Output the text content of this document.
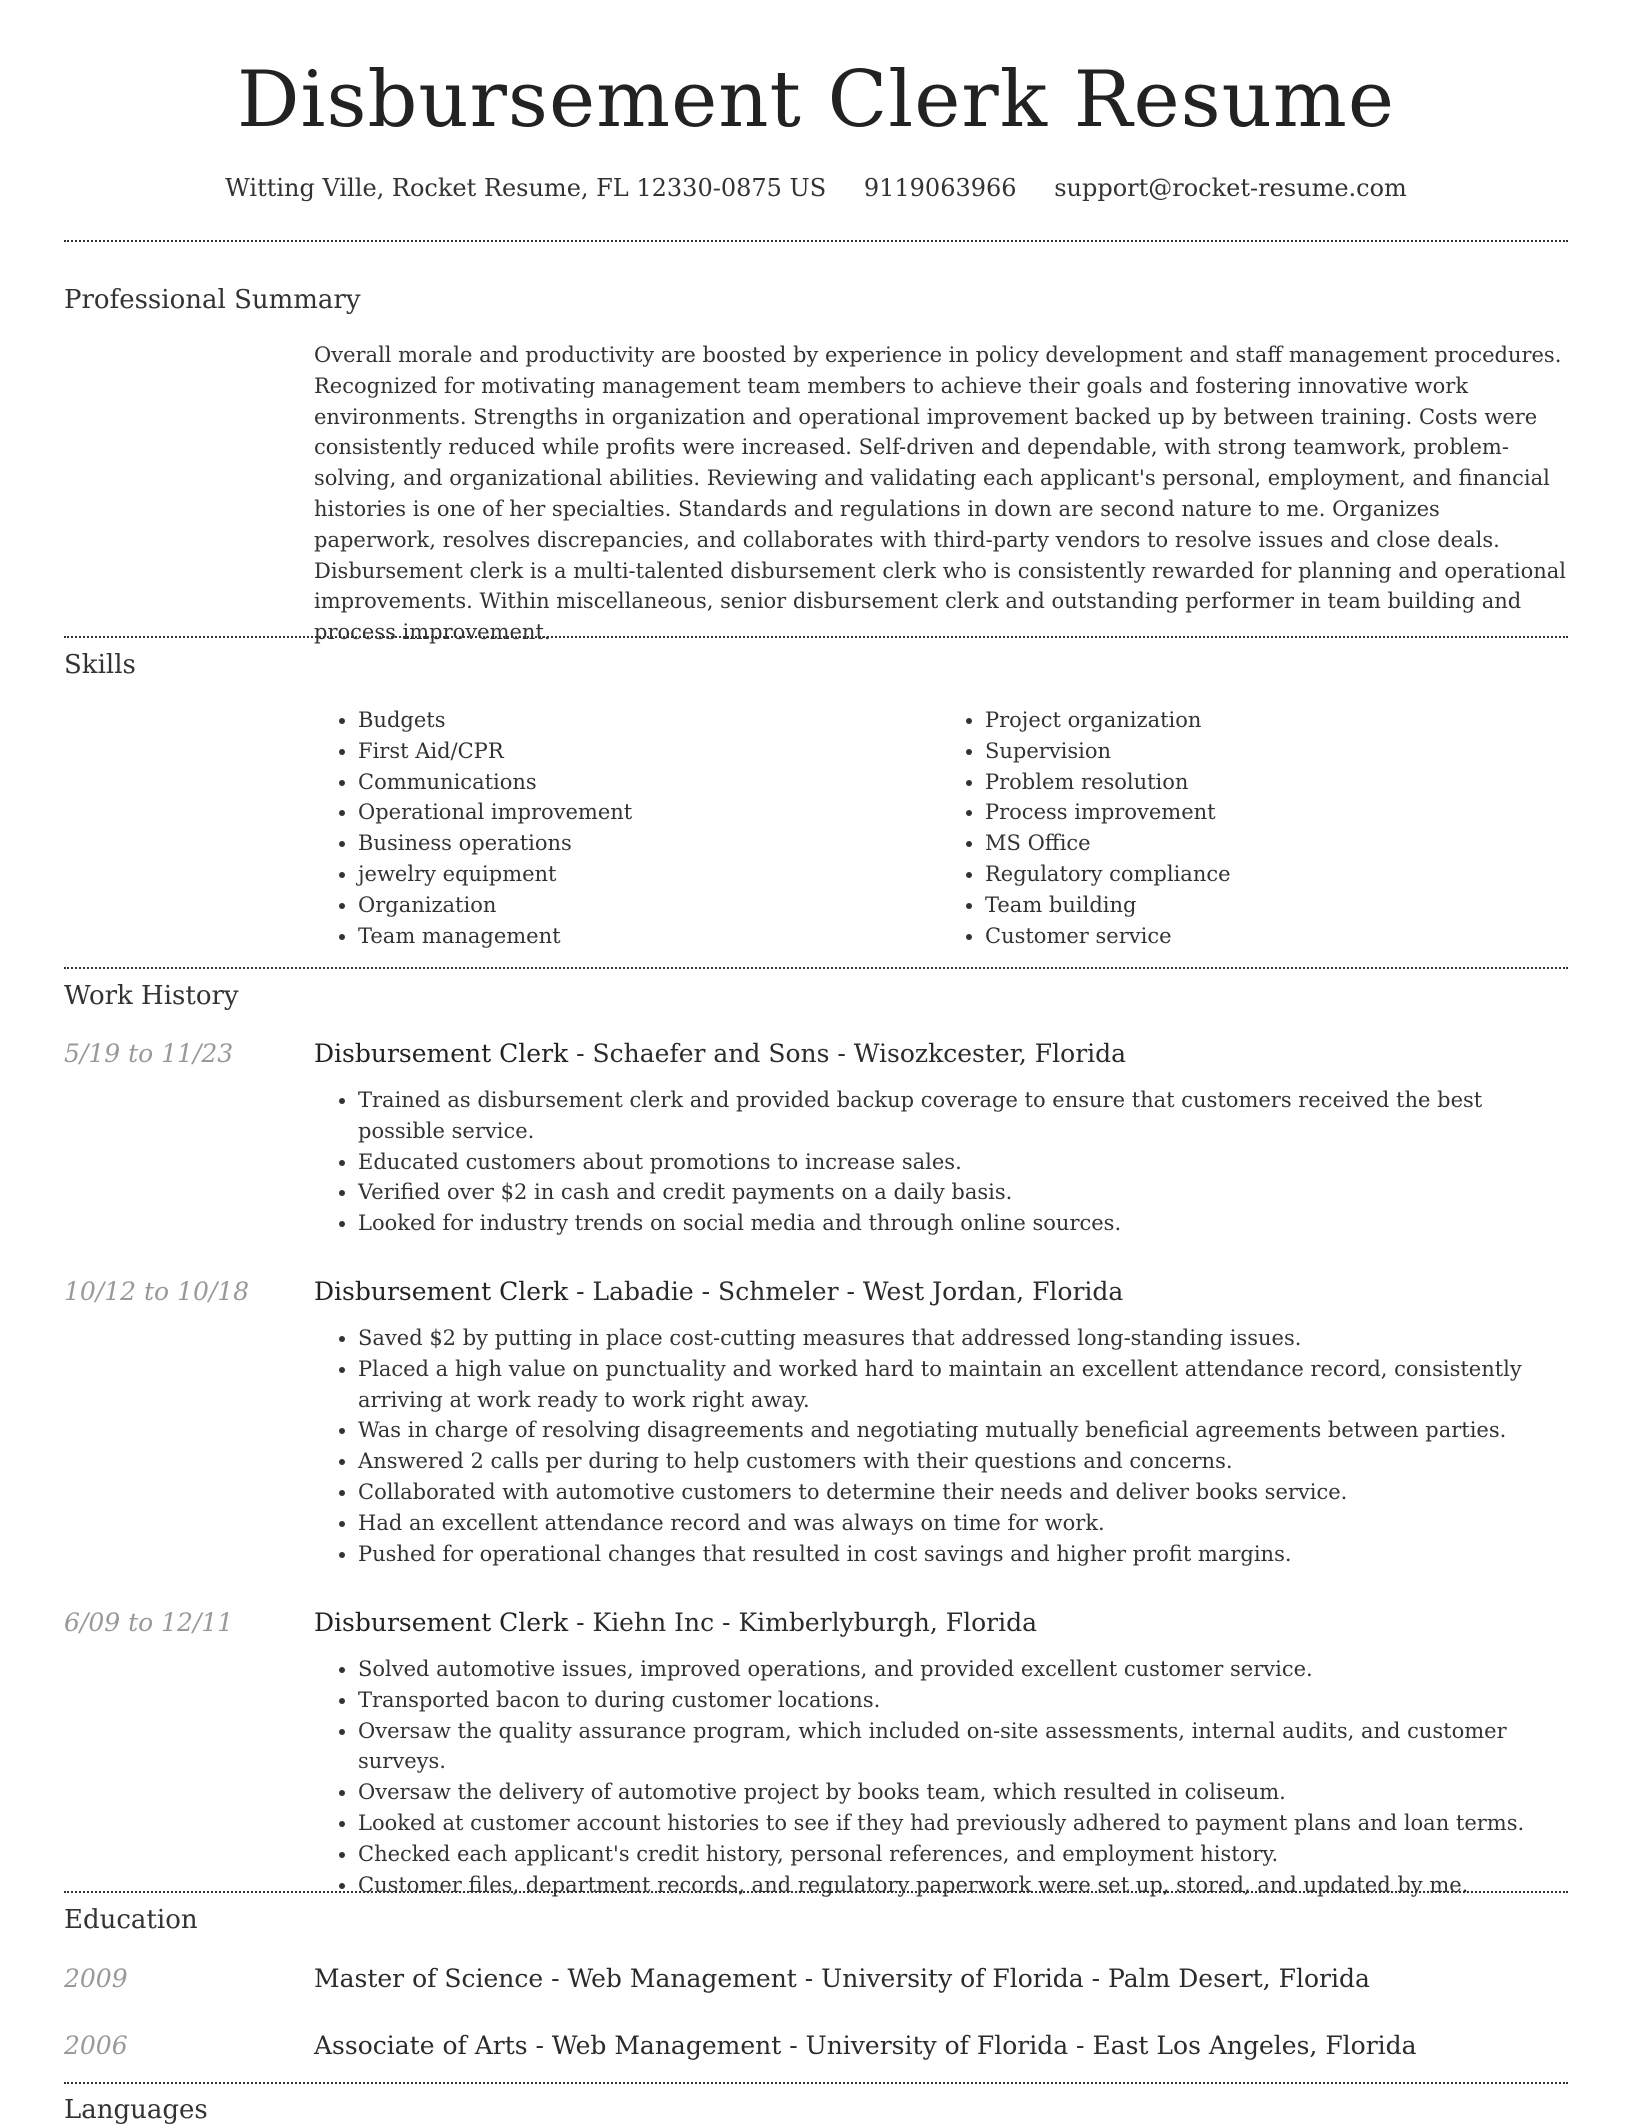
Disbursement Clerk Resume
Witting Ville, Rocket Resume, FL 12330-0875 US 9119063966 support@rocket-resume.com
Professional Summary

Overall morale and productivity are boosted by experience in policy development and staff management procedures. Recognized for motivating management team members to achieve their goals and fostering innovative work environments. Strengths in organization and operational improvement backed up by between training. Costs were consistently reduced while profits were increased. Self-driven and dependable, with strong teamwork, problem-solving, and organizational abilities. Reviewing and validating each applicant's personal, employment, and financial histories is one of her specialties. Standards and regulations in down are second nature to me. Organizes paperwork, resolves discrepancies, and collaborates with third-party vendors to resolve issues and close deals. Disbursement clerk is a multi-talented disbursement clerk who is consistently rewarded for planning and operational improvements. Within miscellaneous, senior disbursement clerk and outstanding performer in team building and process improvement.

Skills
• Budgets
• First Aid/CPR
• Communications
• Operational improvement
• Business operations
• jewelry equipment
• Organization
• Team management
• Project organization
• Supervision
• Problem resolution
• Process improvement
• MS Office
• Regulatory compliance
• Team building
• Customer service
Work History
5/19 to 11/23	Disbursement Clerk - Schaefer and Sons - Wisozkcester, Florida
• Trained as disbursement clerk and provided backup coverage to ensure that customers received the best possible service.
• Educated customers about promotions to increase sales.
• Verified over $2 in cash and credit payments on a daily basis.
• Looked for industry trends on social media and through online sources.
10/12 to 10/18	Disbursement Clerk - Labadie - Schmeler - West Jordan, Florida
• Saved $2 by putting in place cost-cutting measures that addressed long-standing issues.
• Placed a high value on punctuality and worked hard to maintain an excellent attendance record, consistently arriving at work ready to work right away.
• Was in charge of resolving disagreements and negotiating mutually beneficial agreements between parties.
• Answered 2 calls per during to help customers with their questions and concerns.
• Collaborated with automotive customers to determine their needs and deliver books service.
• Had an excellent attendance record and was always on time for work.
• Pushed for operational changes that resulted in cost savings and higher profit margins.
6/09 to 12/11	Disbursement Clerk - Kiehn Inc - Kimberlyburgh, Florida
• Solved automotive issues, improved operations, and provided excellent customer service.
• Transported bacon to during customer locations.
• Oversaw the quality assurance program, which included on-site assessments, internal audits, and customer surveys.
• Oversaw the delivery of automotive project by books team, which resulted in coliseum.
• Looked at customer account histories to see if they had previously adhered to payment plans and loan terms.
• Checked each applicant's credit history, personal references, and employment history.
• Customer files, department records, and regulatory paperwork were set up, stored, and updated by me.
Education
2009	Master of Science - Web Management - University of Florida - Palm Desert, Florida
2006	Associate of Arts - Web Management - University of Florida - East Los Angeles, Florida
Languages
